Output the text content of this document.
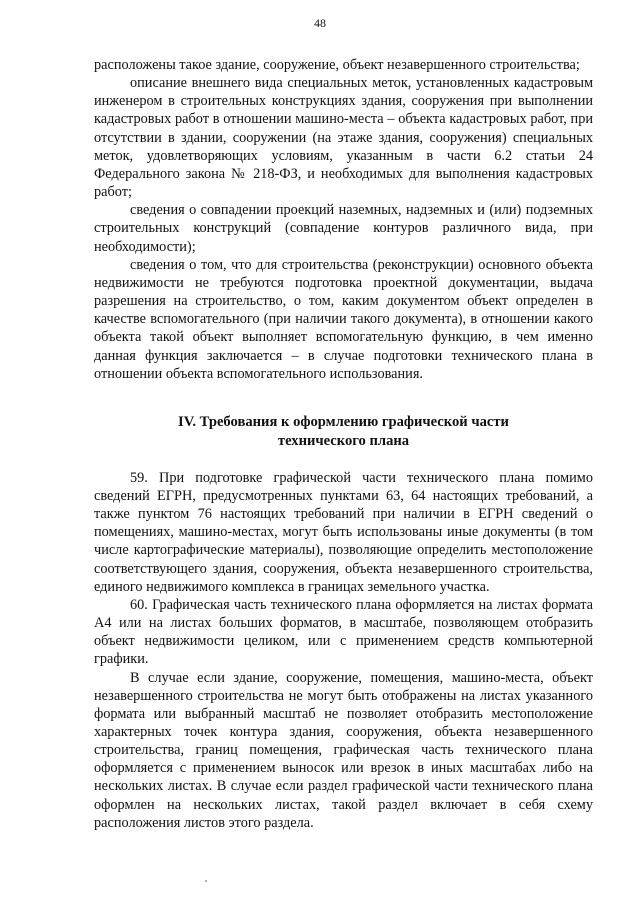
48

расположены такое здание, сооружение, объект незавершенного строительства;

описание внешнего вида специальных меток, установленных кадастровым инженером в строительных конструкциях здания, сооружения при выполнении кадастровых работ в отношении машино-места – объекта кадастровых работ, при отсутствии в здании, сооружении (на этаже здания, сооружения) специальных меток, удовлетворяющих условиям, указанным в части 6.2 статьи 24 Федерального закона № 218-ФЗ, и необходимых для выполнения кадастровых работ;

сведения о совпадении проекций наземных, надземных и (или) подземных строительных конструкций (совпадение контуров различного вида, при необходимости);

сведения о том, что для строительства (реконструкции) основного объекта недвижимости не требуются подготовка проектной документации, выдача разрешения на строительство, о том, каким документом объект определен в качестве вспомогательного (при наличии такого документа), в отношении какого объекта такой объект выполняет вспомогательную функцию, в чем именно данная функция заключается – в случае подготовки технического плана в отношении объекта вспомогательного использования.

IV. Требования к оформлению графической части
технического плана

59. При подготовке графической части технического плана помимо сведений ЕГРН, предусмотренных пунктами 63, 64 настоящих требований, а также пунктом 76 настоящих требований при наличии в ЕГРН сведений о помещениях, машино-местах, могут быть использованы иные документы (в том числе картографические материалы), позволяющие определить местоположение соответствующего здания, сооружения, объекта незавершенного строительства, единого недвижимого комплекса в границах земельного участка.

60. Графическая часть технического плана оформляется на листах формата А4 или на листах больших форматов, в масштабе, позволяющем отобразить объект недвижимости целиком, или с применением средств компьютерной графики.

В случае если здание, сооружение, помещения, машино-места, объект незавершенного строительства не могут быть отображены на листах указанного формата или выбранный масштаб не позволяет отобразить местоположение характерных точек контура здания, сооружения, объекта незавершенного строительства, границ помещения, графическая часть технического плана оформляется с применением выносок или врезок в иных масштабах либо на нескольких листах. В случае если раздел графической части технического плана оформлен на нескольких листах, такой раздел включает в себя схему расположения листов этого раздела.
